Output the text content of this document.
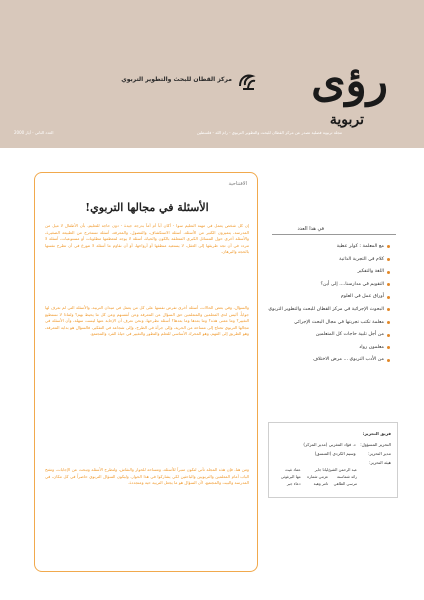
رؤى
تربوية
مركز القطان للبحث والتطوير التربوي
العدد الثاني - أيار 2000	مجلة تربوية فصلية تصدر عن مركز القطان للبحث والتطوير التربوي - رام الله - فلسطين
الافتتاحية
الأسئلة في مجالها التربوي!

إن كل شخص يعمل في مهنة التعليم سوا - أكان أباً أم أماً بدرجة جيدة - دون حاجة للتعليم، بأن الأطفال لا ميل من المدرسة، يتميزون الكثير من الأسئلة، أسئلة الاستكشاف، والفضول، والمعرفة، أسئلة تستخرج من الطبيعة الصغيرة، والأسئلة أخرى حول المسائل الكبرى المتعلقة بالكون والحياة، أسئلة لا يوجد لمعظمها مطلوبات أو مستوعبات، أسئلة لا تتردد في أن تجد طريقها إلى العقل، لا يستعيد منطقها أو أرواحها، أو أن نقاوم ما أسئلة لا تتورع في أن تطرح نفسها بالحجة والبرهان.

والسؤال، وفي بعض الحالات، أسئلة أخرى تفرض نفسها على كل من يعمل في ميدان التربية، والأسئلة التي لم نعرف لها جواباً، أليس لدى المعلمين والمتعلمين حق السؤال عن المعرفة وعن أنفسهم وعن كل ما يحيط بهم؟ ولماذا لا نستطيع التغيير؟ وما معنى هذه؟ وما بعدها وما بعدها؟ أسئلة نطرحها، ونحن نعرف أن الإجابة عنها ليست سهلة، وأن الأسئلة في مجالها التربوي تحتاج إلى مساحة من الحرية، وإلى جرأة في الطرح، وإلى شجاعة في التفكير، فالسؤال هو بداية المعرفة، وهو الطريق إلى الفهم، وهو المحرك الأساسي للتعلم والتطور والتغيير في حياة الفرد والمجتمع.

ومن هنا، فإن هذه المجلة تأتي لتكون منبراً للأسئلة، ومساحة للحوار والنقاش، ولتطرح الأسئلة وتبحث عن الإجابات، وتفتح الباب أمام المعلمين والتربويين والباحثين لكي يشاركوا في هذا الحوار، وليكون السؤال التربوي حاضراً في كل مكان، في المدرسة والبيت والمجتمع، لأن السؤال هو ما يجعل التربية حية ومتجددة.

في هذا العدد
مع المعلمة : كولر عطية
كلام في التجربة الذاتية
اللغة والتفكير
التقويم في مدارسنا.... إلى أين؟
أوراق عمل في العلوم
البحوث الإجرائية في مركز القطان للبحث والتطوير التربوي
معلمة تكتب تجربتها في مجال البحث الإجرائي
من أجل تلبية حاجات كل المتعلمين
معلمون رواد
من الأدب التربوي ... مرض الاختلاف
فريق التحرير:
التحرير المسؤول: د. فؤاد المغربي (مدير المركز)
مدير التحرير: وسيم الكردي (المنسق)
هيئة التحرير:
عبد الرحمن الشيخ
ليانا جابر
عماد غيث
رائد شماسنة
عزمي شمارة
مها البرغوثي
مرسي الطاهي
تامر وهبة
دعاء جبر
